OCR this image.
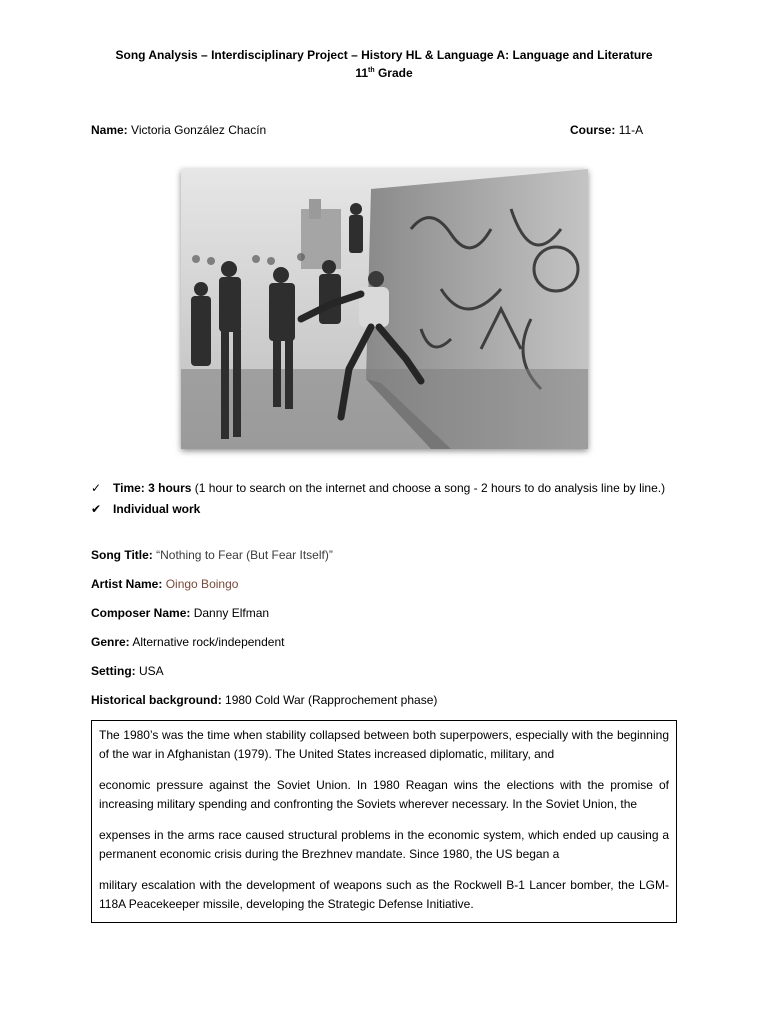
Song Analysis – Interdisciplinary Project – History HL & Language A: Language and Literature
11th Grade
Name: Victoria González Chacín	Course: 11-A
✓ Time: 3 hours (1 hour to search on the internet and choose a song - 2 hours to do analysis line by line.)
✔ Individual work
Song Title: “Nothing to Fear (But Fear Itself)”
Artist Name: Oingo Boingo
Composer Name: Danny Elfman
Genre: Alternative rock/independent
Setting: USA
Historical background: 1980 Cold War (Rapprochement phase)

The 1980’s was the time when stability collapsed between both superpowers, especially with the beginning of the war in Afghanistan (1979). The United States increased diplomatic, military, and

economic pressure against the Soviet Union. In 1980 Reagan wins the elections with the promise of increasing military spending and confronting the Soviets wherever necessary. In the Soviet Union, the

expenses in the arms race caused structural problems in the economic system, which ended up causing a permanent economic crisis during the Brezhnev mandate. Since 1980, the US began a

military escalation with the development of weapons such as the Rockwell B-1 Lancer bomber, the LGM-118A Peacekeeper missile, developing the Strategic Defense Initiative.
